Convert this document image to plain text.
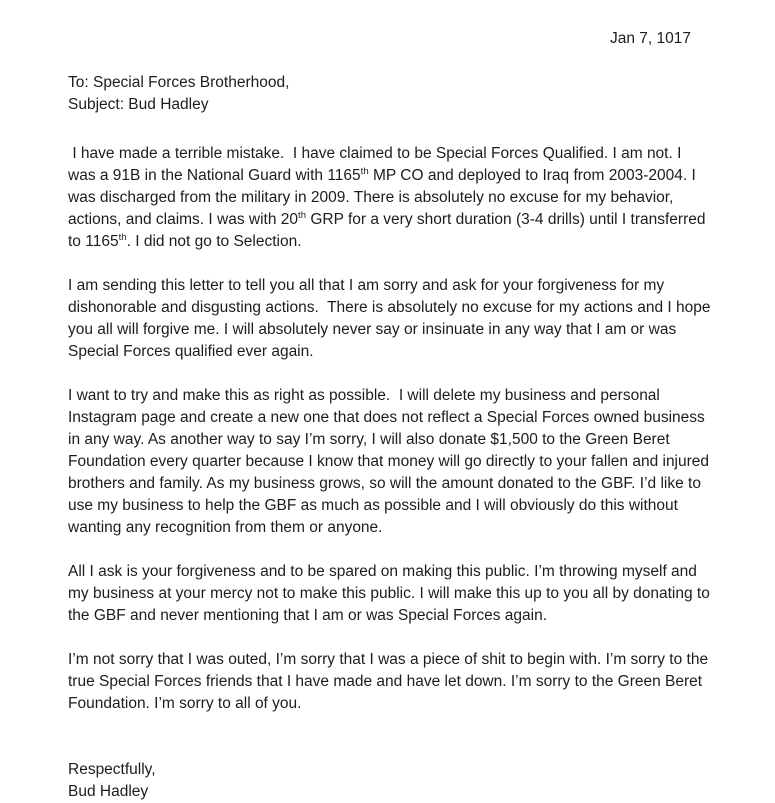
Jan 7, 1017

To: Special Forces Brotherhood,

Subject: Bud Hadley

I have made a terrible mistake.  I have claimed to be Special Forces Qualified. I am not. I was a 91B in the National Guard with 1165th MP CO and deployed to Iraq from 2003-2004. I was discharged from the military in 2009. There is absolutely no excuse for my behavior, actions, and claims. I was with 20th GRP for a very short duration (3-4 drills) until I transferred to 1165th. I did not go to Selection.

I am sending this letter to tell you all that I am sorry and ask for your forgiveness for my dishonorable and disgusting actions.  There is absolutely no excuse for my actions and I hope you all will forgive me. I will absolutely never say or insinuate in any way that I am or was Special Forces qualified ever again.

I want to try and make this as right as possible.  I will delete my business and personal Instagram page and create a new one that does not reflect a Special Forces owned business in any way. As another way to say I’m sorry, I will also donate $1,500 to the Green Beret Foundation every quarter because I know that money will go directly to your fallen and injured brothers and family. As my business grows, so will the amount donated to the GBF. I’d like to use my business to help the GBF as much as possible and I will obviously do this without wanting any recognition from them or anyone.

All I ask is your forgiveness and to be spared on making this public. I’m throwing myself and my business at your mercy not to make this public. I will make this up to you all by donating to the GBF and never mentioning that I am or was Special Forces again.

I’m not sorry that I was outed, I’m sorry that I was a piece of shit to begin with. I’m sorry to the true Special Forces friends that I have made and have let down. I’m sorry to the Green Beret Foundation. I’m sorry to all of you.

Respectfully,

Bud Hadley
